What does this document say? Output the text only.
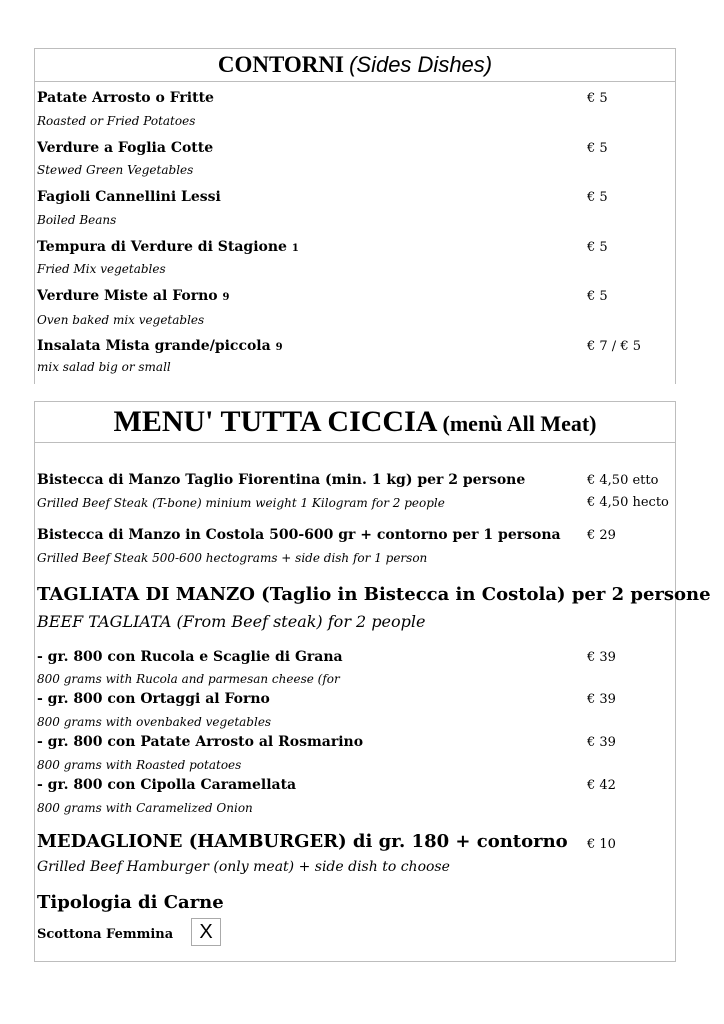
CONTORNI (Sides Dishes)
Patate Arrosto o Fritte
Roasted or Fried Potatoes
€ 5
Verdure a Foglia Cotte
Stewed Green Vegetables
€ 5
Fagioli Cannellini Lessi
Boiled Beans
€ 5
Tempura di Verdure di Stagione 1
Fried Mix vegetables
€ 5
Verdure Miste al Forno 9
Oven baked mix vegetables
€ 5
Insalata Mista grande/piccola 9
mix salad big or small
€ 7 / € 5
MENU' TUTTA CICCIA (menù All Meat)
Bistecca di Manzo Taglio Fiorentina (min. 1 kg) per 2 persone
Grilled Beef Steak (T-bone) minium weight 1 Kilogram for 2 people
€ 4,50 etto
€ 4,50 hecto
Bistecca di Manzo in Costola 500-600 gr + contorno per 1 persona
Grilled Beef Steak 500-600 hectograms + side dish for 1 person
€ 29
TAGLIATA DI MANZO (Taglio in Bistecca in Costola) per 2 persone
BEEF TAGLIATA (From Beef steak) for 2 people
- gr. 800 con Rucola e Scaglie di Grana
800 grams with Rucola and parmesan cheese (for
€ 39
- gr. 800 con Ortaggi al Forno
800 grams with ovenbaked vegetables
€ 39
- gr. 800 con Patate Arrosto al Rosmarino
800 grams with Roasted potatoes
€ 39
- gr. 800 con Cipolla Caramellata
800 grams with Caramelized Onion
€ 42
MEDAGLIONE (HAMBURGER) di gr. 180 + contorno
Grilled Beef Hamburger (only meat) + side dish to choose
€ 10
Tipologia di Carne
Scottona Femmina	X
